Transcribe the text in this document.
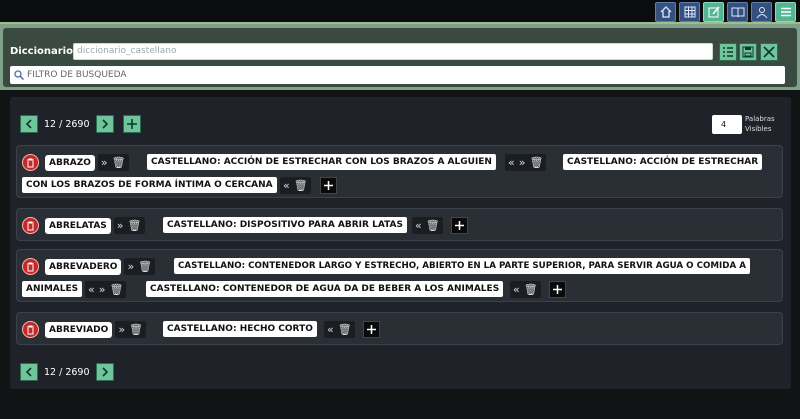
Diccionario diccionario_castellano
FILTRO DE BUSQUEDA
12 / 2690	4
Palabras
Visibles
ABRAZO » 🗑	CASTELLANO: ACCIÓN DE ESTRECHAR CON LOS BRAZOS A ALGUIEN	« » 🗑	CASTELLANO: ACCIÓN DE ESTRECHAR
CON LOS BRAZOS DE FORMA ÍNTIMA O CERCANA « 🗑
ABRELATAS » 🗑	CASTELLANO: DISPOSITIVO PARA ABRIR LATAS	« 🗑
ABREVADERO » 🗑	CASTELLANO: CONTENEDOR LARGO Y ESTRECHO, ABIERTO EN LA PARTE SUPERIOR, PARA SERVIR AGUA O COMIDA A
ANIMALES « » 🗑	CASTELLANO: CONTENEDOR DE AGUA DA DE BEBER A LOS ANIMALES	« 🗑
ABREVIADO » 🗑	CASTELLANO: HECHO CORTO	« 🗑
12 / 2690
